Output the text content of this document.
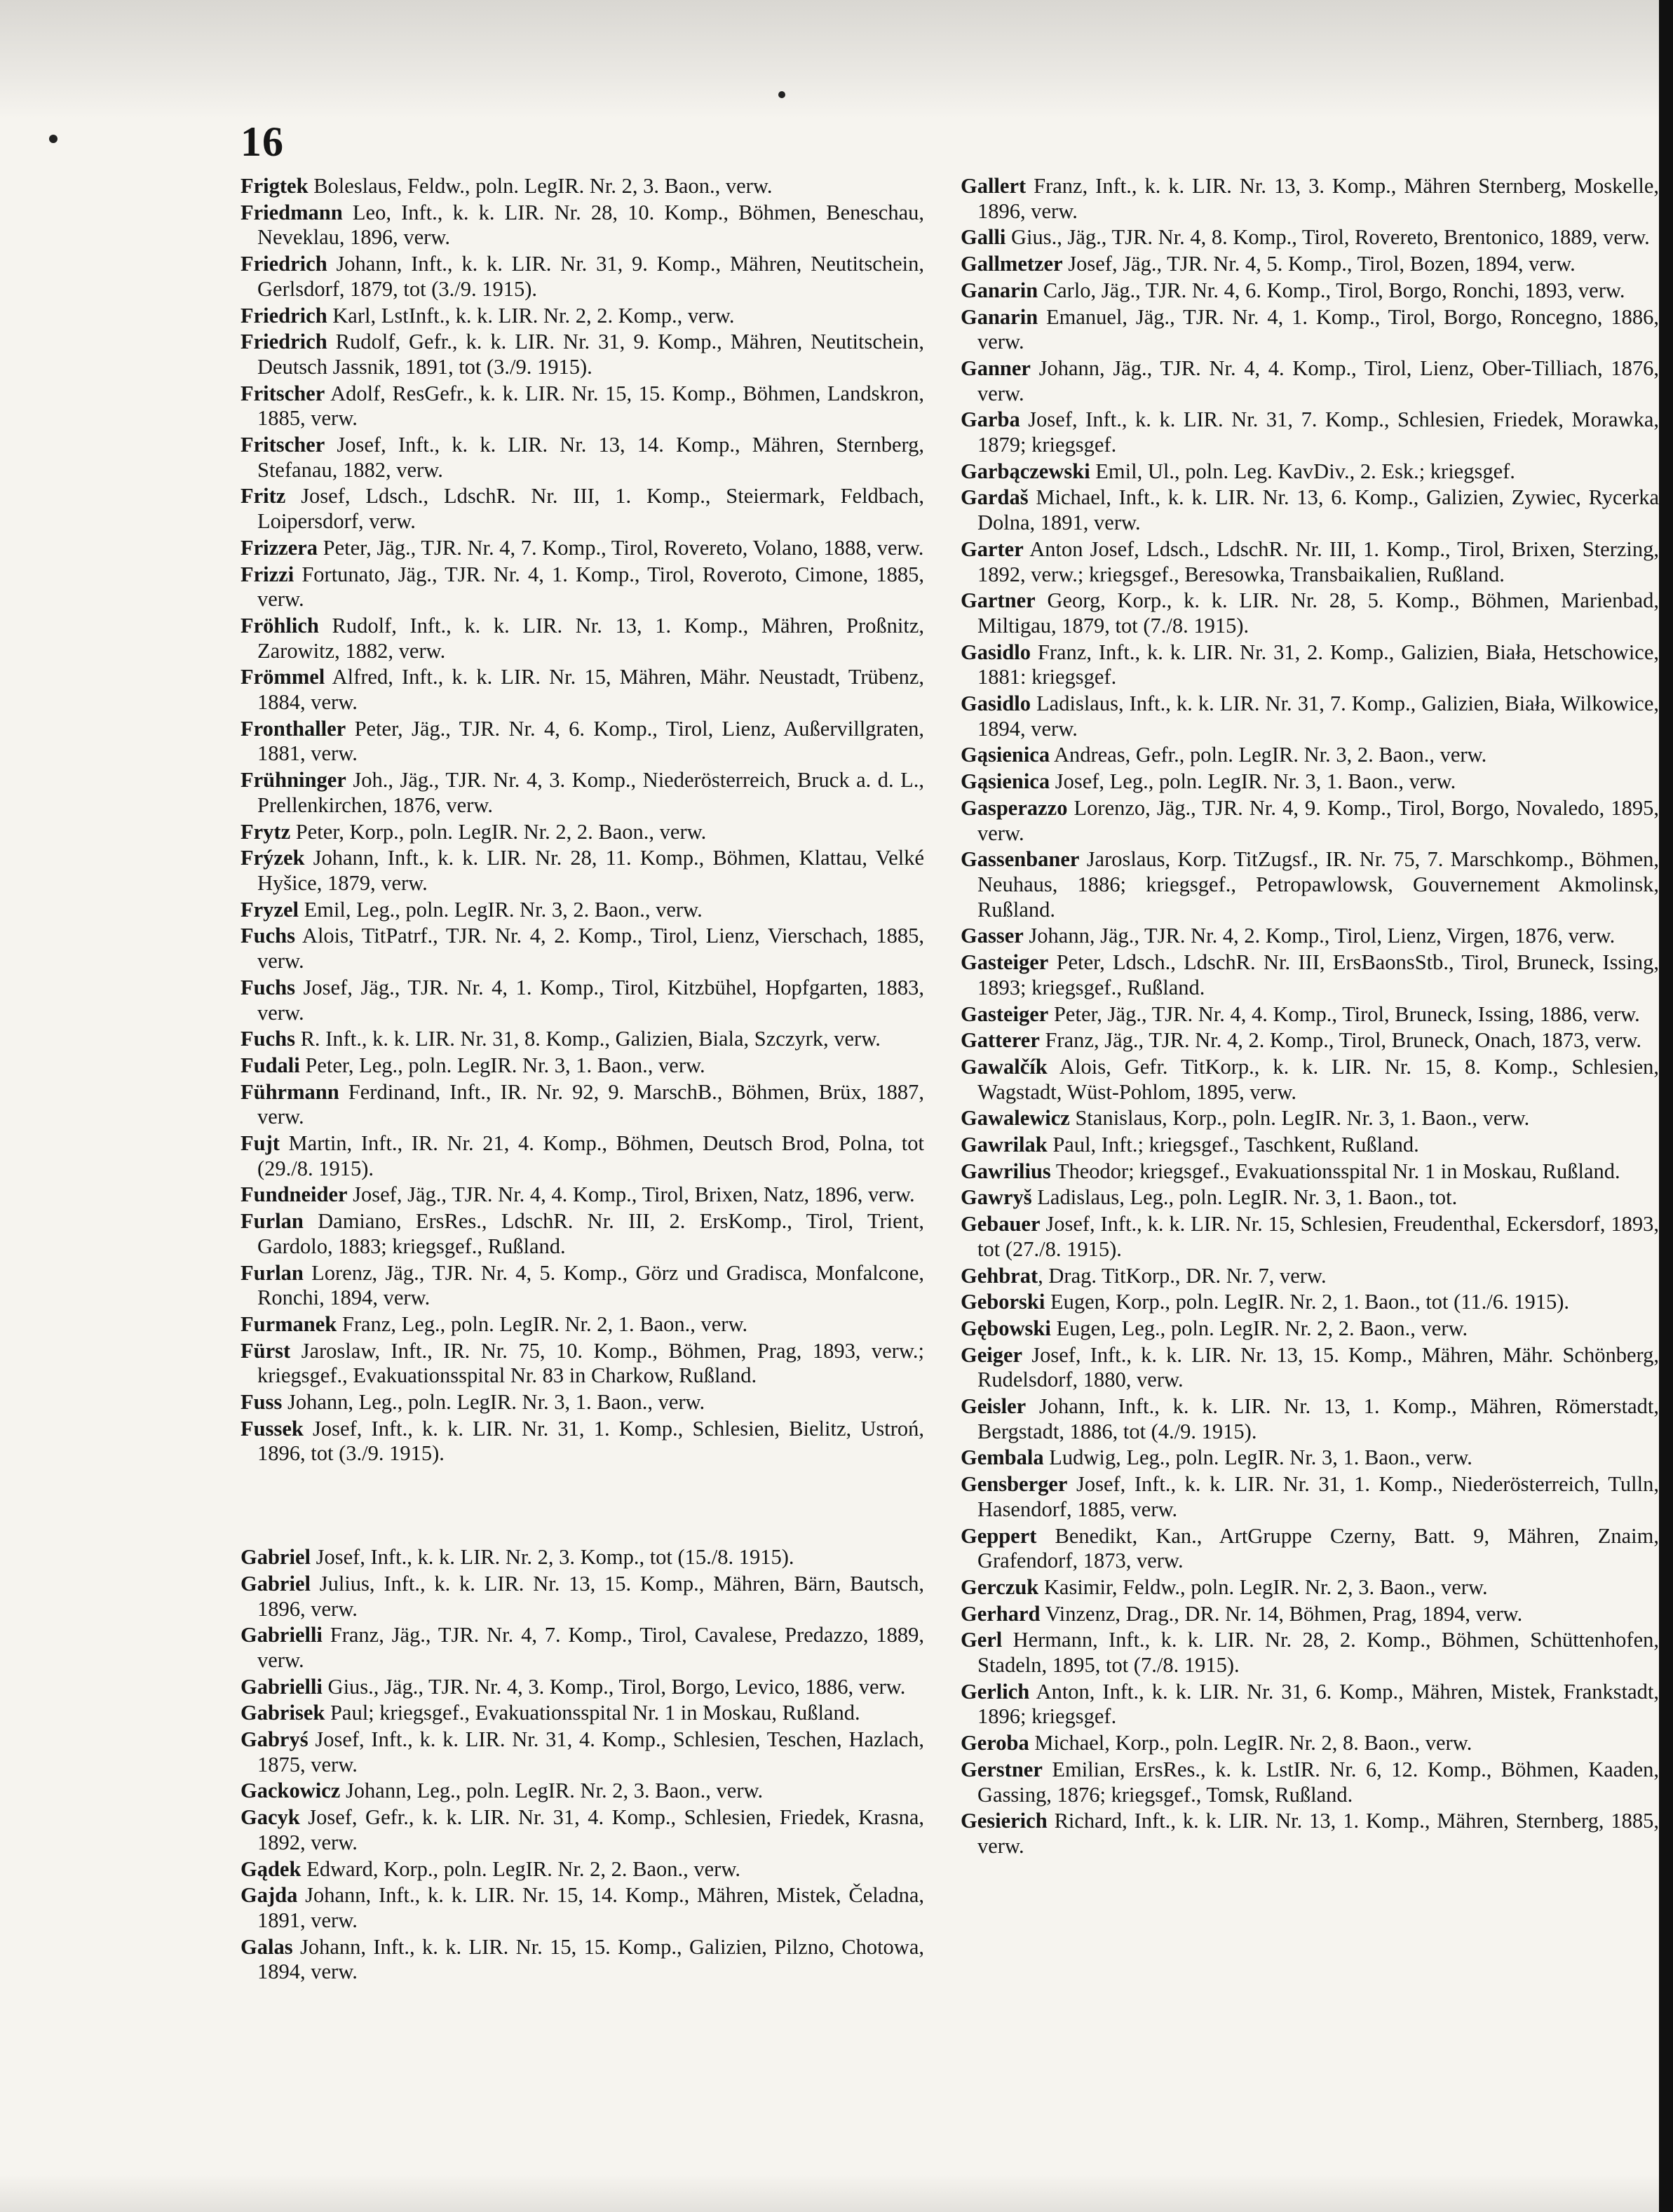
16
Frigtek Boleslaus, Feldw., poln. LegIR. Nr. 2, 3. Baon., verw.
Friedmann Leo, Inft., k. k. LIR. Nr. 28, 10. Komp., Böhmen, Beneschau, Neveklau, 1896, verw.
Friedrich Johann, Inft., k. k. LIR. Nr. 31, 9. Komp., Mähren, Neutitschein, Gerlsdorf, 1879, tot (3./9. 1915).
Friedrich Karl, LstInft., k. k. LIR. Nr. 2, 2. Komp., verw.
Friedrich Rudolf, Gefr., k. k. LIR. Nr. 31, 9. Komp., Mähren, Neutitschein, Deutsch Jassnik, 1891, tot (3./9. 1915).
Fritscher Adolf, ResGefr., k. k. LIR. Nr. 15, 15. Komp., Böhmen, Landskron, 1885, verw.
Fritscher Josef, Inft., k. k. LIR. Nr. 13, 14. Komp., Mähren, Sternberg, Stefanau, 1882, verw.
Fritz Josef, Ldsch., LdschR. Nr. III, 1. Komp., Steiermark, Feldbach, Loipersdorf, verw.
Frizzera Peter, Jäg., TJR. Nr. 4, 7. Komp., Tirol, Rovereto, Volano, 1888, verw.
Frizzi Fortunato, Jäg., TJR. Nr. 4, 1. Komp., Tirol, Roveroto, Cimone, 1885, verw.
Fröhlich Rudolf, Inft., k. k. LIR. Nr. 13, 1. Komp., Mähren, Proßnitz, Zarowitz, 1882, verw.
Frömmel Alfred, Inft., k. k. LIR. Nr. 15, Mähren, Mähr. Neustadt, Trübenz, 1884, verw.
Fronthaller Peter, Jäg., TJR. Nr. 4, 6. Komp., Tirol, Lienz, Außervillgraten, 1881, verw.
Frühninger Joh., Jäg., TJR. Nr. 4, 3. Komp., Niederösterreich, Bruck a. d. L., Prellenkirchen, 1876, verw.
Frytz Peter, Korp., poln. LegIR. Nr. 2, 2. Baon., verw.
Frýzek Johann, Inft., k. k. LIR. Nr. 28, 11. Komp., Böhmen, Klattau, Velké Hyšice, 1879, verw.
Fryzel Emil, Leg., poln. LegIR. Nr. 3, 2. Baon., verw.
Fuchs Alois, TitPatrf., TJR. Nr. 4, 2. Komp., Tirol, Lienz, Vierschach, 1885, verw.
Fuchs Josef, Jäg., TJR. Nr. 4, 1. Komp., Tirol, Kitzbühel, Hopfgarten, 1883, verw.
Fuchs R. Inft., k. k. LIR. Nr. 31, 8. Komp., Galizien, Biala, Szczyrk, verw.
Fudali Peter, Leg., poln. LegIR. Nr. 3, 1. Baon., verw.
Führmann Ferdinand, Inft., IR. Nr. 92, 9. MarschB., Böhmen, Brüx, 1887, verw.
Fujt Martin, Inft., IR. Nr. 21, 4. Komp., Böhmen, Deutsch Brod, Polna, tot (29./8. 1915).
Fundneider Josef, Jäg., TJR. Nr. 4, 4. Komp., Tirol, Brixen, Natz, 1896, verw.
Furlan Damiano, ErsRes., LdschR. Nr. III, 2. ErsKomp., Tirol, Trient, Gardolo, 1883; kriegsgef., Rußland.
Furlan Lorenz, Jäg., TJR. Nr. 4, 5. Komp., Görz und Gradisca, Monfalcone, Ronchi, 1894, verw.
Furmanek Franz, Leg., poln. LegIR. Nr. 2, 1. Baon., verw.
Fürst Jaroslaw, Inft., IR. Nr. 75, 10. Komp., Böhmen, Prag, 1893, verw.; kriegsgef., Evakuationsspital Nr. 83 in Charkow, Rußland.
Fuss Johann, Leg., poln. LegIR. Nr. 3, 1. Baon., verw.
Fussek Josef, Inft., k. k. LIR. Nr. 31, 1. Komp., Schlesien, Bielitz, Ustroń, 1896, tot (3./9. 1915).
Gabriel Josef, Inft., k. k. LIR. Nr. 2, 3. Komp., tot (15./8. 1915).
Gabriel Julius, Inft., k. k. LIR. Nr. 13, 15. Komp., Mähren, Bärn, Bautsch, 1896, verw.
Gabrielli Franz, Jäg., TJR. Nr. 4, 7. Komp., Tirol, Cavalese, Predazzo, 1889, verw.
Gabrielli Gius., Jäg., TJR. Nr. 4, 3. Komp., Tirol, Borgo, Levico, 1886, verw.
Gabrisek Paul; kriegsgef., Evakuationsspital Nr. 1 in Moskau, Rußland.
Gabryś Josef, Inft., k. k. LIR. Nr. 31, 4. Komp., Schlesien, Teschen, Hazlach, 1875, verw.
Gackowicz Johann, Leg., poln. LegIR. Nr. 2, 3. Baon., verw.
Gacyk Josef, Gefr., k. k. LIR. Nr. 31, 4. Komp., Schlesien, Friedek, Krasna, 1892, verw.
Gądek Edward, Korp., poln. LegIR. Nr. 2, 2. Baon., verw.
Gajda Johann, Inft., k. k. LIR. Nr. 15, 14. Komp., Mähren, Mistek, Čeladna, 1891, verw.
Galas Johann, Inft., k. k. LIR. Nr. 15, 15. Komp., Galizien, Pilzno, Chotowa, 1894, verw.
Gallert Franz, Inft., k. k. LIR. Nr. 13, 3. Komp., Mähren Sternberg, Moskelle, 1896, verw.
Galli Gius., Jäg., TJR. Nr. 4, 8. Komp., Tirol, Rovereto, Brentonico, 1889, verw.
Gallmetzer Josef, Jäg., TJR. Nr. 4, 5. Komp., Tirol, Bozen, 1894, verw.
Ganarin Carlo, Jäg., TJR. Nr. 4, 6. Komp., Tirol, Borgo, Ronchi, 1893, verw.
Ganarin Emanuel, Jäg., TJR. Nr. 4, 1. Komp., Tirol, Borgo, Roncegno, 1886, verw.
Ganner Johann, Jäg., TJR. Nr. 4, 4. Komp., Tirol, Lienz, Ober-Tilliach, 1876, verw.
Garba Josef, Inft., k. k. LIR. Nr. 31, 7. Komp., Schlesien, Friedek, Morawka, 1879; kriegsgef.
Garbączewski Emil, Ul., poln. Leg. KavDiv., 2. Esk.; kriegsgef.
Gardaš Michael, Inft., k. k. LIR. Nr. 13, 6. Komp., Galizien, Zywiec, Rycerka Dolna, 1891, verw.
Garter Anton Josef, Ldsch., LdschR. Nr. III, 1. Komp., Tirol, Brixen, Sterzing, 1892, verw.; kriegsgef., Beresowka, Transbaikalien, Rußland.
Gartner Georg, Korp., k. k. LIR. Nr. 28, 5. Komp., Böhmen, Marienbad, Miltigau, 1879, tot (7./8. 1915).
Gasidlo Franz, Inft., k. k. LIR. Nr. 31, 2. Komp., Galizien, Biała, Hetschowice, 1881: kriegsgef.
Gasidlo Ladislaus, Inft., k. k. LIR. Nr. 31, 7. Komp., Galizien, Biała, Wilkowice, 1894, verw.
Gąsienica Andreas, Gefr., poln. LegIR. Nr. 3, 2. Baon., verw.
Gąsienica Josef, Leg., poln. LegIR. Nr. 3, 1. Baon., verw.
Gasperazzo Lorenzo, Jäg., TJR. Nr. 4, 9. Komp., Tirol, Borgo, Novaledo, 1895, verw.
Gassenbaner Jaroslaus, Korp. TitZugsf., IR. Nr. 75, 7. Marschkomp., Böhmen, Neuhaus, 1886; kriegsgef., Petropawlowsk, Gouvernement Akmolinsk, Rußland.
Gasser Johann, Jäg., TJR. Nr. 4, 2. Komp., Tirol, Lienz, Virgen, 1876, verw.
Gasteiger Peter, Ldsch., LdschR. Nr. III, ErsBaonsStb., Tirol, Bruneck, Issing, 1893; kriegsgef., Rußland.
Gasteiger Peter, Jäg., TJR. Nr. 4, 4. Komp., Tirol, Bruneck, Issing, 1886, verw.
Gatterer Franz, Jäg., TJR. Nr. 4, 2. Komp., Tirol, Bruneck, Onach, 1873, verw.
Gawalčík Alois, Gefr. TitKorp., k. k. LIR. Nr. 15, 8. Komp., Schlesien, Wagstadt, Wüst-Pohlom, 1895, verw.
Gawalewicz Stanislaus, Korp., poln. LegIR. Nr. 3, 1. Baon., verw.
Gawrilak Paul, Inft.; kriegsgef., Taschkent, Rußland.
Gawrilius Theodor; kriegsgef., Evakuationsspital Nr. 1 in Moskau, Rußland.
Gawryš Ladislaus, Leg., poln. LegIR. Nr. 3, 1. Baon., tot.
Gebauer Josef, Inft., k. k. LIR. Nr. 15, Schlesien, Freudenthal, Eckersdorf, 1893, tot (27./8. 1915).
Gehbrat, Drag. TitKorp., DR. Nr. 7, verw.
Geborski Eugen, Korp., poln. LegIR. Nr. 2, 1. Baon., tot (11./6. 1915).
Gębowski Eugen, Leg., poln. LegIR. Nr. 2, 2. Baon., verw.
Geiger Josef, Inft., k. k. LIR. Nr. 13, 15. Komp., Mähren, Mähr. Schönberg, Rudelsdorf, 1880, verw.
Geisler Johann, Inft., k. k. LIR. Nr. 13, 1. Komp., Mähren, Römerstadt, Bergstadt, 1886, tot (4./9. 1915).
Gembala Ludwig, Leg., poln. LegIR. Nr. 3, 1. Baon., verw.
Gensberger Josef, Inft., k. k. LIR. Nr. 31, 1. Komp., Niederösterreich, Tulln, Hasendorf, 1885, verw.
Geppert Benedikt, Kan., ArtGruppe Czerny, Batt. 9, Mähren, Znaim, Grafendorf, 1873, verw.
Gerczuk Kasimir, Feldw., poln. LegIR. Nr. 2, 3. Baon., verw.
Gerhard Vinzenz, Drag., DR. Nr. 14, Böhmen, Prag, 1894, verw.
Gerl Hermann, Inft., k. k. LIR. Nr. 28, 2. Komp., Böhmen, Schüttenhofen, Stadeln, 1895, tot (7./8. 1915).
Gerlich Anton, Inft., k. k. LIR. Nr. 31, 6. Komp., Mähren, Mistek, Frankstadt, 1896; kriegsgef.
Geroba Michael, Korp., poln. LegIR. Nr. 2, 8. Baon., verw.
Gerstner Emilian, ErsRes., k. k. LstIR. Nr. 6, 12. Komp., Böhmen, Kaaden, Gassing, 1876; kriegsgef., Tomsk, Rußland.
Gesierich Richard, Inft., k. k. LIR. Nr. 13, 1. Komp., Mähren, Sternberg, 1885, verw.
